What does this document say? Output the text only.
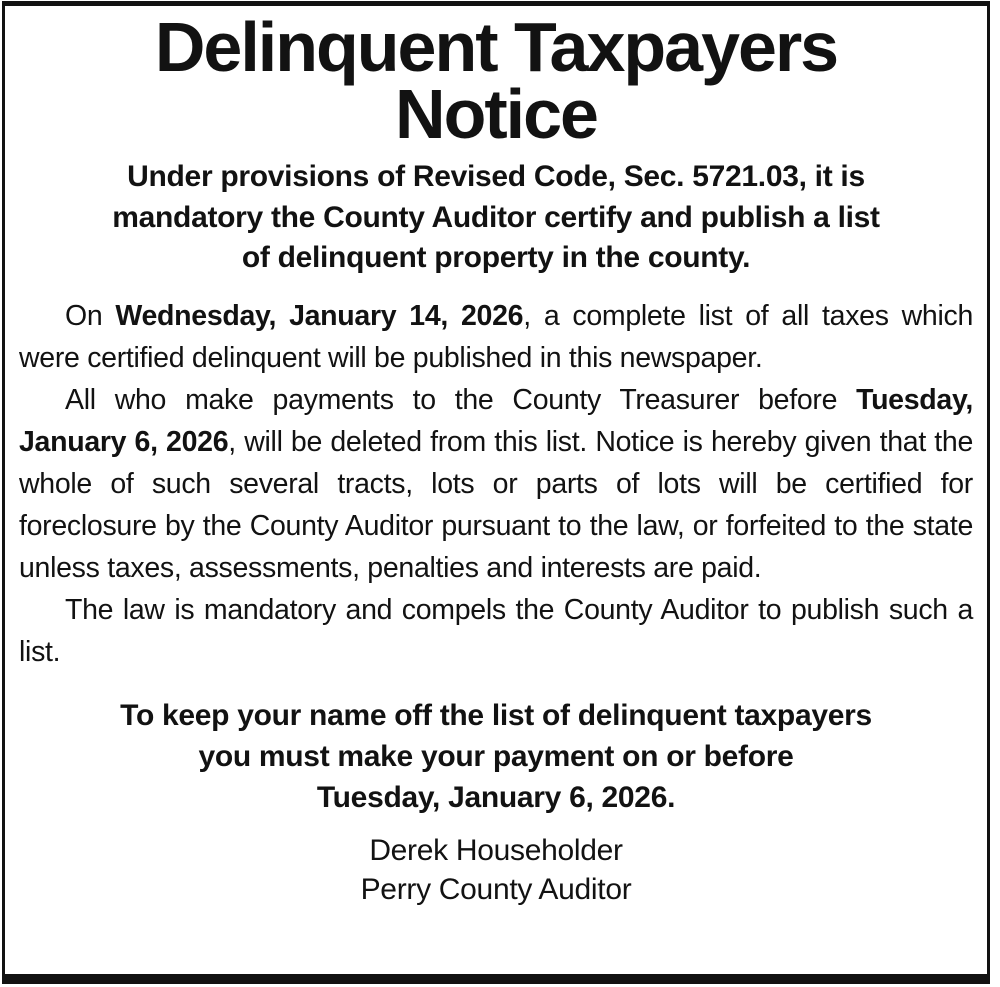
Delinquent Taxpayers
Notice
Under provisions of Revised Code, Sec. 5721.03, it is
mandatory the County Auditor certify and publish a list
of delinquent property in the county.

On Wednesday, January 14, 2026, a complete list of all taxes which were certified delinquent will be published in this newspaper.

All who make payments to the County Treasurer before Tuesday, January 6, 2026, will be deleted from this list. Notice is hereby given that the whole of such several tracts, lots or parts of lots will be certified for foreclosure by the County Auditor pursuant to the law, or forfeited to the state unless taxes, assessments, penalties and interests are paid.

The law is mandatory and compels the County Auditor to publish such a list.

To keep your name off the list of delinquent taxpayers
you must make your payment on or before
Tuesday, January 6, 2026.
Derek Householder
Perry County Auditor
